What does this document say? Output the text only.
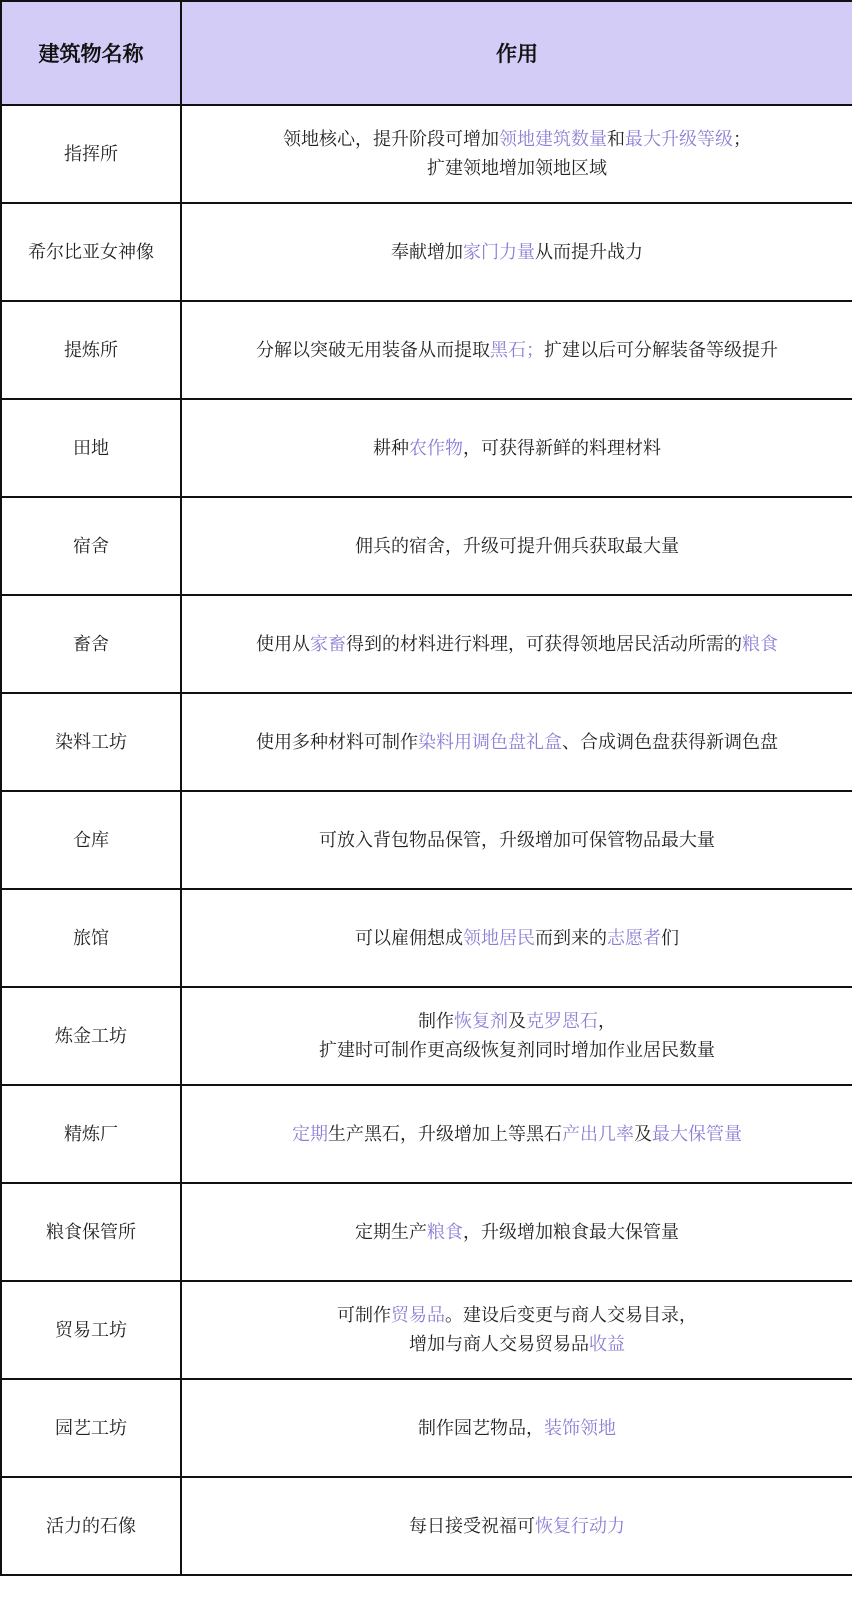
建筑物名称	作用
指挥所	领地核心，提升阶段可增加领地建筑数量和最大升级等级；
扩建领地增加领地区域

希尔比亚女神像	奉献增加家门力量从而提升战力

提炼所	分解以突破无用装备从而提取黑石；扩建以后可分解装备等级提升

田地	耕种农作物，可获得新鲜的料理材料

宿舍	佣兵的宿舍，升级可提升佣兵获取最大量

畜舍	使用从家畜得到的材料进行料理，可获得领地居民活动所需的粮食

染料工坊	使用多种材料可制作染料用调色盘礼盒、合成调色盘获得新调色盘

仓库	可放入背包物品保管，升级增加可保管物品最大量

旅馆	可以雇佣想成领地居民而到来的志愿者们

炼金工坊	制作恢复剂及克罗恩石，
扩建时可制作更高级恢复剂同时增加作业居民数量

精炼厂	定期生产黑石，升级增加上等黑石产出几率及最大保管量

粮食保管所	定期生产粮食，升级增加粮食最大保管量

贸易工坊	可制作贸易品。建设后变更与商人交易目录，
增加与商人交易贸易品收益

园艺工坊	制作园艺物品，装饰领地

活力的石像	每日接受祝福可恢复行动力
